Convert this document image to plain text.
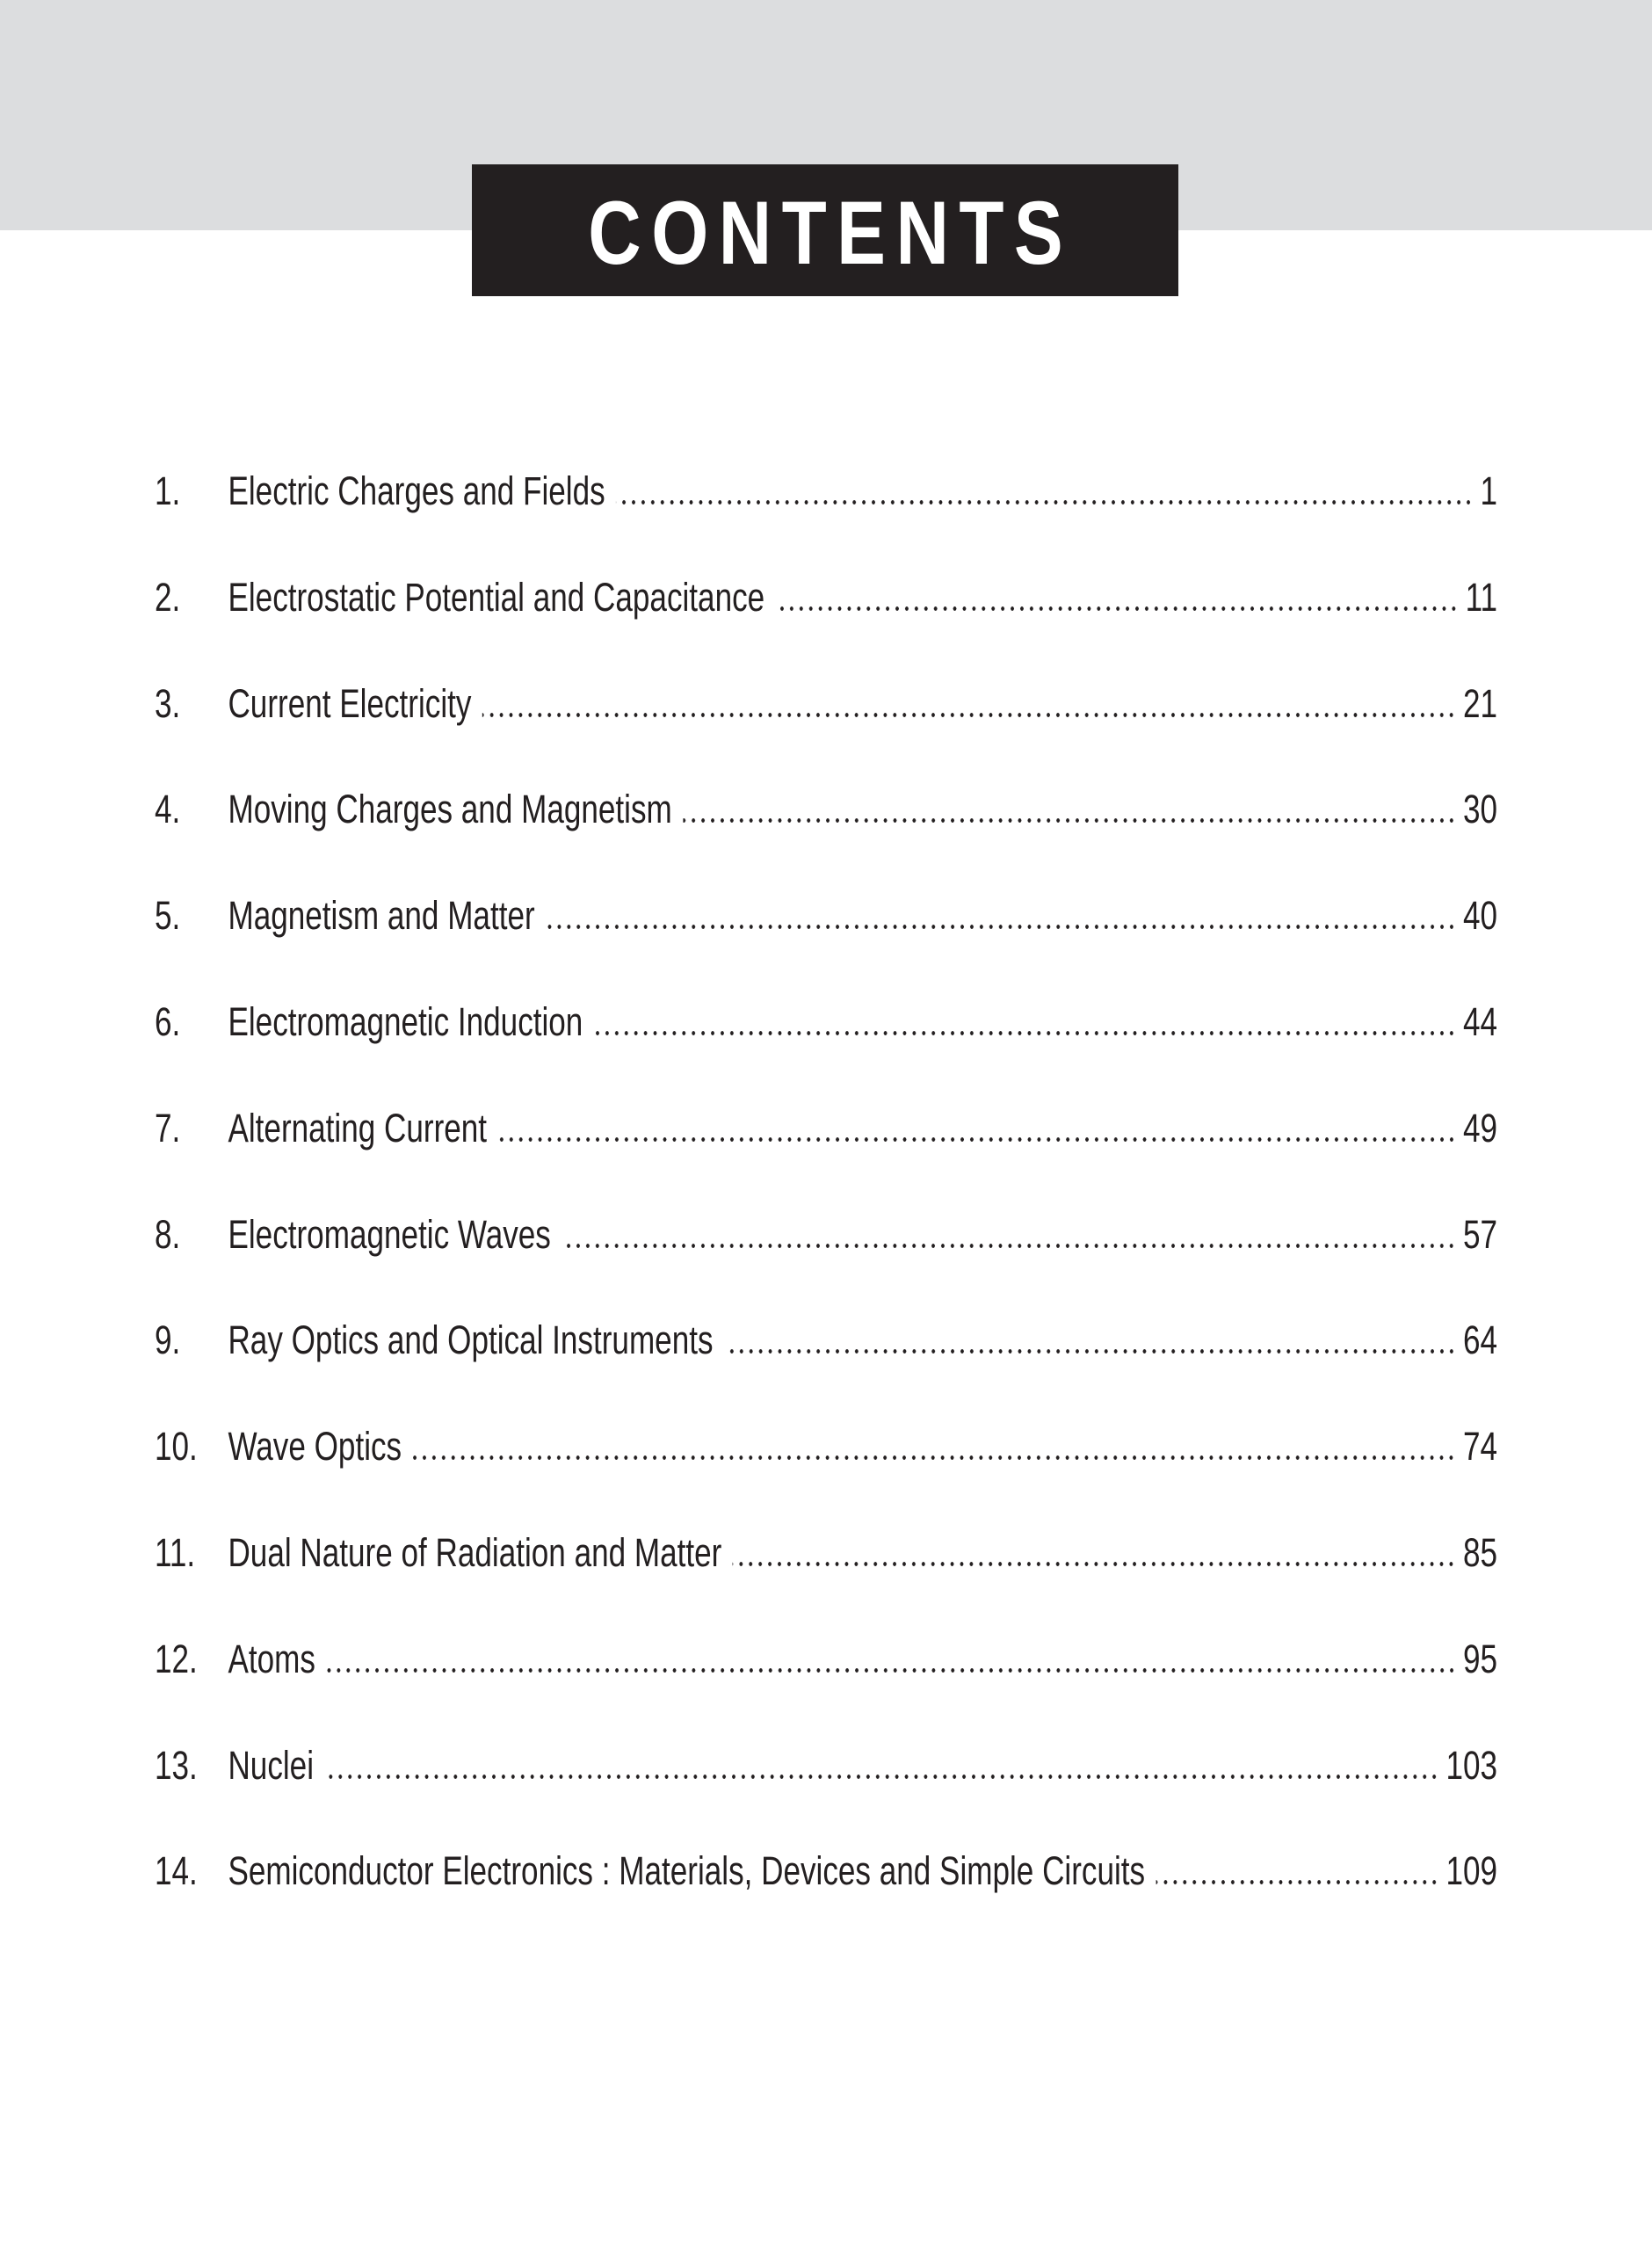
CONTENTS
1.	Electric Charges and Fields	1
2.	Electrostatic Potential and Capacitance	11
3.	Current Electricity	21
4.	Moving Charges and Magnetism	30
5.	Magnetism and Matter	40
6.	Electromagnetic Induction	44
7.	Alternating Current	49
8.	Electromagnetic Waves	57
9.	Ray Optics and Optical Instruments	64
10. Wave Optics	74
11. Dual Nature of Radiation and Matter	85
12. Atoms	95
13. Nuclei	103
14. Semiconductor Electronics : Materials, Devices and Simple Circuits	109
